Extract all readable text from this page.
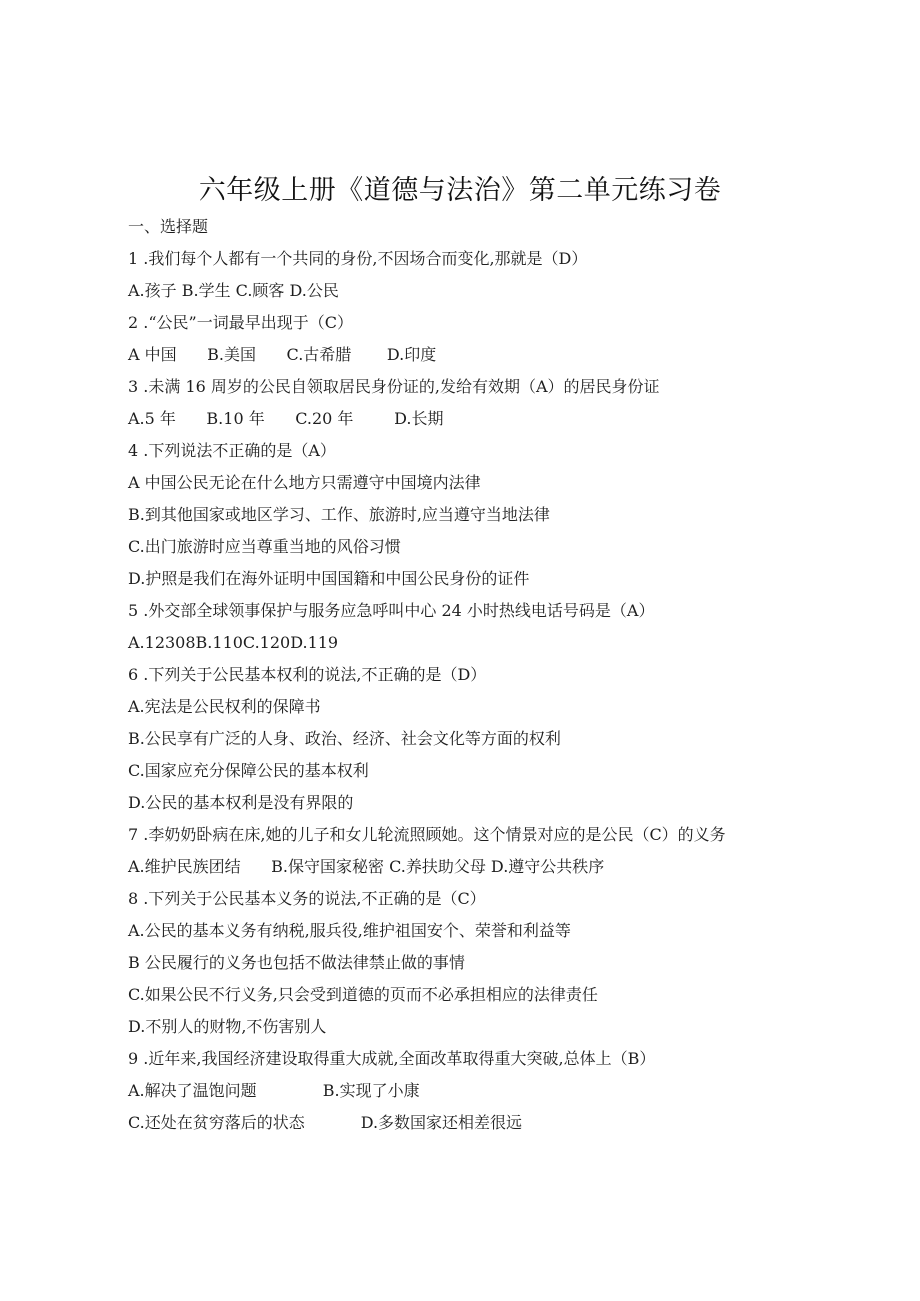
六年级上册《道德与法治》第二单元练习卷
一、选择题
1 .我们每个人都有一个共同的身份,不因场合而变化,那就是（D）
A.孩子 B.学生 C.顾客 D.公民
2 .“公民”一词最早出现于（C）
A 中国      B.美国      C.古希腊       D.印度
3 .未满 16 周岁的公民自领取居民身份证的,发给有效期（A）的居民身份证
A.5 年      B.10 年      C.20 年        D.长期
4 .下列说法不正确的是（A）
A 中国公民无论在什么地方只需遵守中国境内法律
B.到其他国家或地区学习、工作、旅游时,应当遵守当地法律
C.出门旅游时应当尊重当地的风俗习惯
D.护照是我们在海外证明中国国籍和中国公民身份的证件
5 .外交部全球领事保护与服务应急呼叫中心 24 小时热线电话号码是（A）
A.12308B.110C.120D.119
6 .下列关于公民基本权利的说法,不正确的是（D）
A.宪法是公民权利的保障书
B.公民享有广泛的人身、政治、经济、社会文化等方面的权利
C.国家应充分保障公民的基本权利
D.公民的基本权利是没有界限的
7 .李奶奶卧病在床,她的儿子和女儿轮流照顾她。这个情景对应的是公民（C）的义务
A.维护民族团结      B.保守国家秘密 C.养扶助父母 D.遵守公共秩序
8 .下列关于公民基本义务的说法,不正确的是（C）
A.公民的基本义务有纳税,服兵役,维护祖国安个、荣誉和利益等
B 公民履行的义务也包括不做法律禁止做的事情
C.如果公民不行义务,只会受到道德的页而不必承担相应的法律责任
D.不别人的财物,不伤害别人
9 .近年来,我国经济建设取得重大成就,全面改革取得重大突破,总体上（B）
A.解决了温饱问题             B.实现了小康
C.还处在贫穷落后的状态           D.多数国家还相差很远
